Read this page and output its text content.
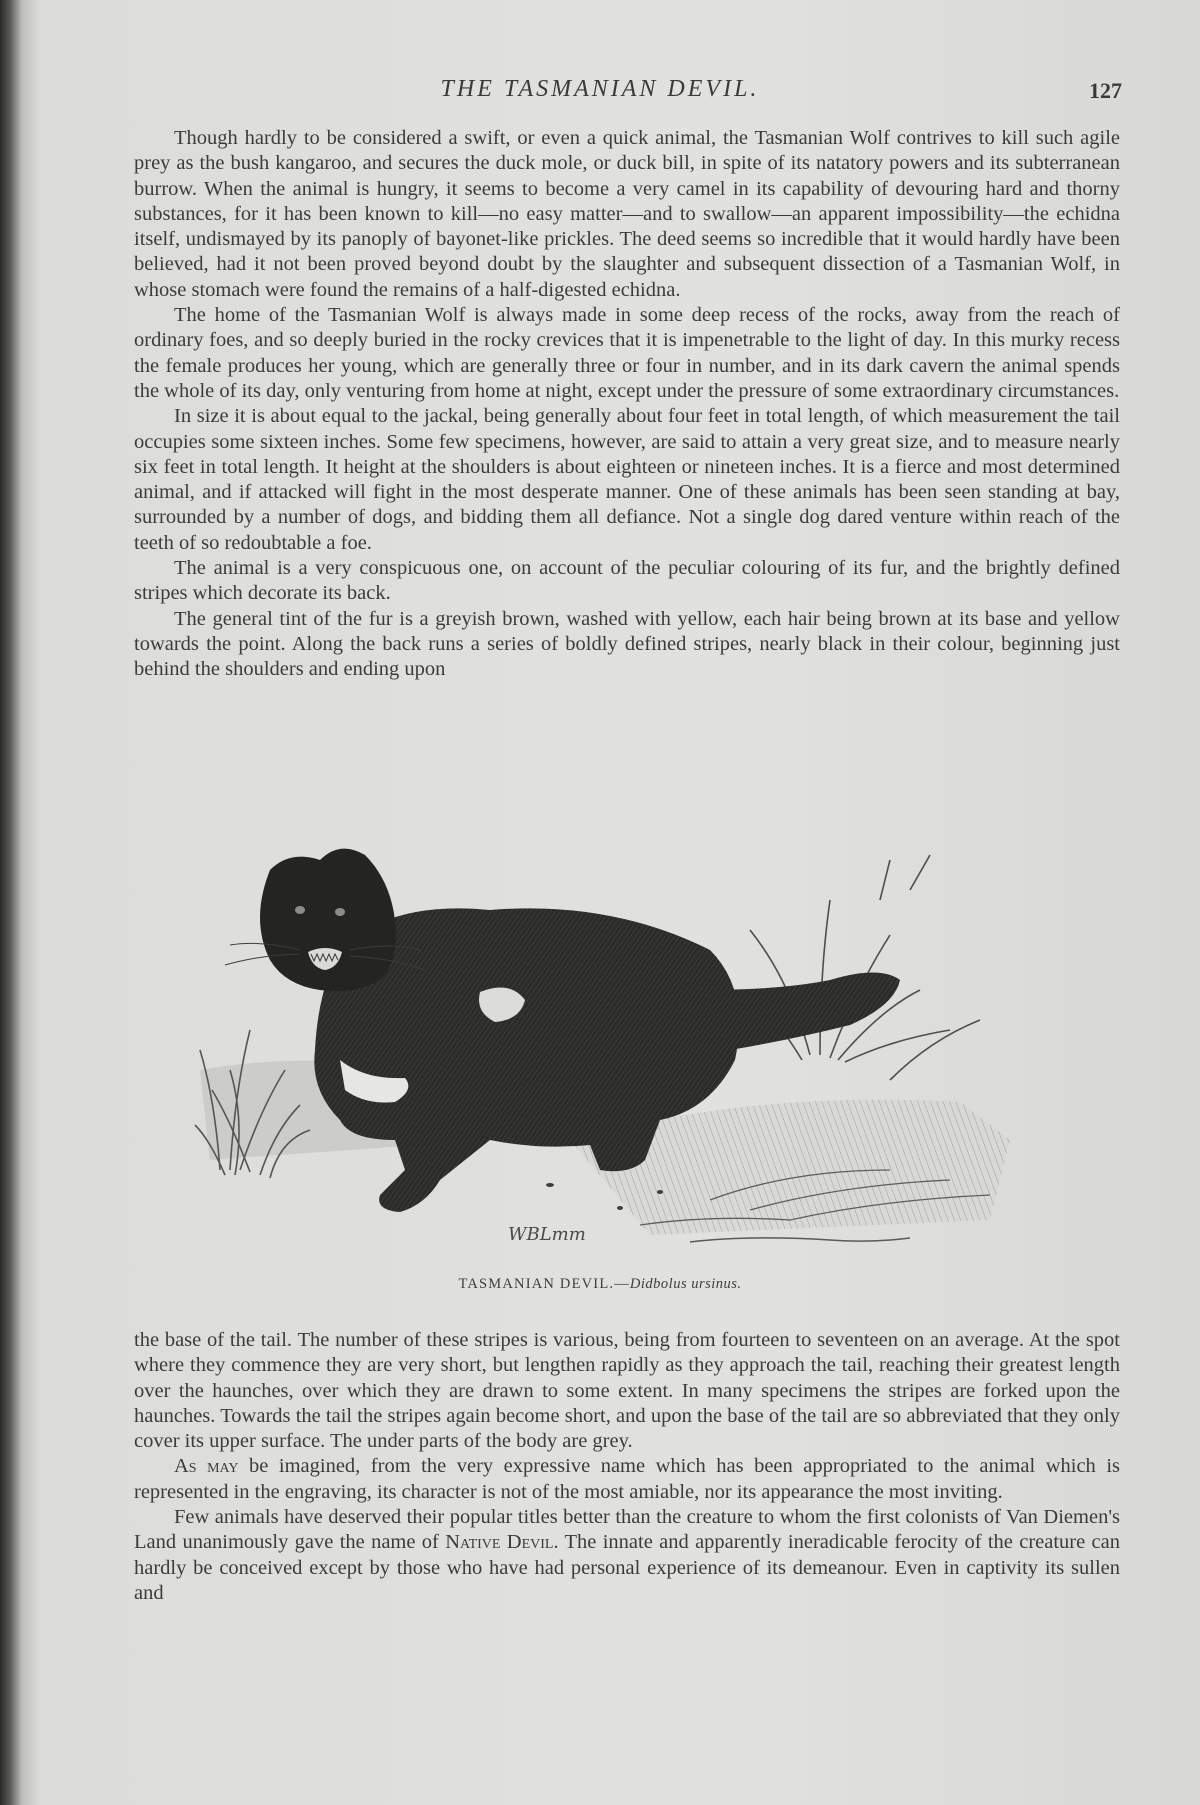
THE TASMANIAN DEVIL.	127

Though hardly to be considered a swift, or even a quick animal, the Tasmanian Wolf contrives to kill such agile prey as the bush kangaroo, and secures the duck mole, or duck bill, in spite of its natatory powers and its subterranean burrow. When the animal is hungry, it seems to become a very camel in its capability of devouring hard and thorny substances, for it has been known to kill—no easy matter—and to swallow—an apparent impossibility—the echidna itself, undismayed by its panoply of bayonet-like prickles. The deed seems so incredible that it would hardly have been believed, had it not been proved beyond doubt by the slaughter and subsequent dissection of a Tasmanian Wolf, in whose stomach were found the remains of a half-digested echidna.

The home of the Tasmanian Wolf is always made in some deep recess of the rocks, away from the reach of ordinary foes, and so deeply buried in the rocky crevices that it is impenetrable to the light of day. In this murky recess the female produces her young, which are generally three or four in number, and in its dark cavern the animal spends the whole of its day, only venturing from home at night, except under the pressure of some extraordinary circumstances.

In size it is about equal to the jackal, being generally about four feet in total length, of which measurement the tail occupies some sixteen inches. Some few specimens, however, are said to attain a very great size, and to measure nearly six feet in total length. It height at the shoulders is about eighteen or nineteen inches. It is a fierce and most determined animal, and if attacked will fight in the most desperate manner. One of these animals has been seen standing at bay, surrounded by a number of dogs, and bidding them all defiance. Not a single dog dared venture within reach of the teeth of so redoubtable a foe.

The animal is a very conspicuous one, on account of the peculiar colouring of its fur, and the brightly defined stripes which decorate its back.

The general tint of the fur is a greyish brown, washed with yellow, each hair being brown at its base and yellow towards the point. Along the back runs a series of boldly defined stripes, nearly black in their colour, beginning just behind the shoulders and ending upon

WBLmm
TASMANIAN DEVIL.—Didbolus ursinus.

the base of the tail. The number of these stripes is various, being from fourteen to seventeen on an average. At the spot where they commence they are very short, but lengthen rapidly as they approach the tail, reaching their greatest length over the haunches, over which they are drawn to some extent. In many specimens the stripes are forked upon the haunches. Towards the tail the stripes again become short, and upon the base of the tail are so abbreviated that they only cover its upper surface. The under parts of the body are grey.

As may be imagined, from the very expressive name which has been appropriated to the animal which is represented in the engraving, its character is not of the most amiable, nor its appearance the most inviting.

Few animals have deserved their popular titles better than the creature to whom the first colonists of Van Diemen's Land unanimously gave the name of Native Devil. The innate and apparently ineradicable ferocity of the creature can hardly be conceived except by those who have had personal experience of its demeanour. Even in captivity its sullen and
